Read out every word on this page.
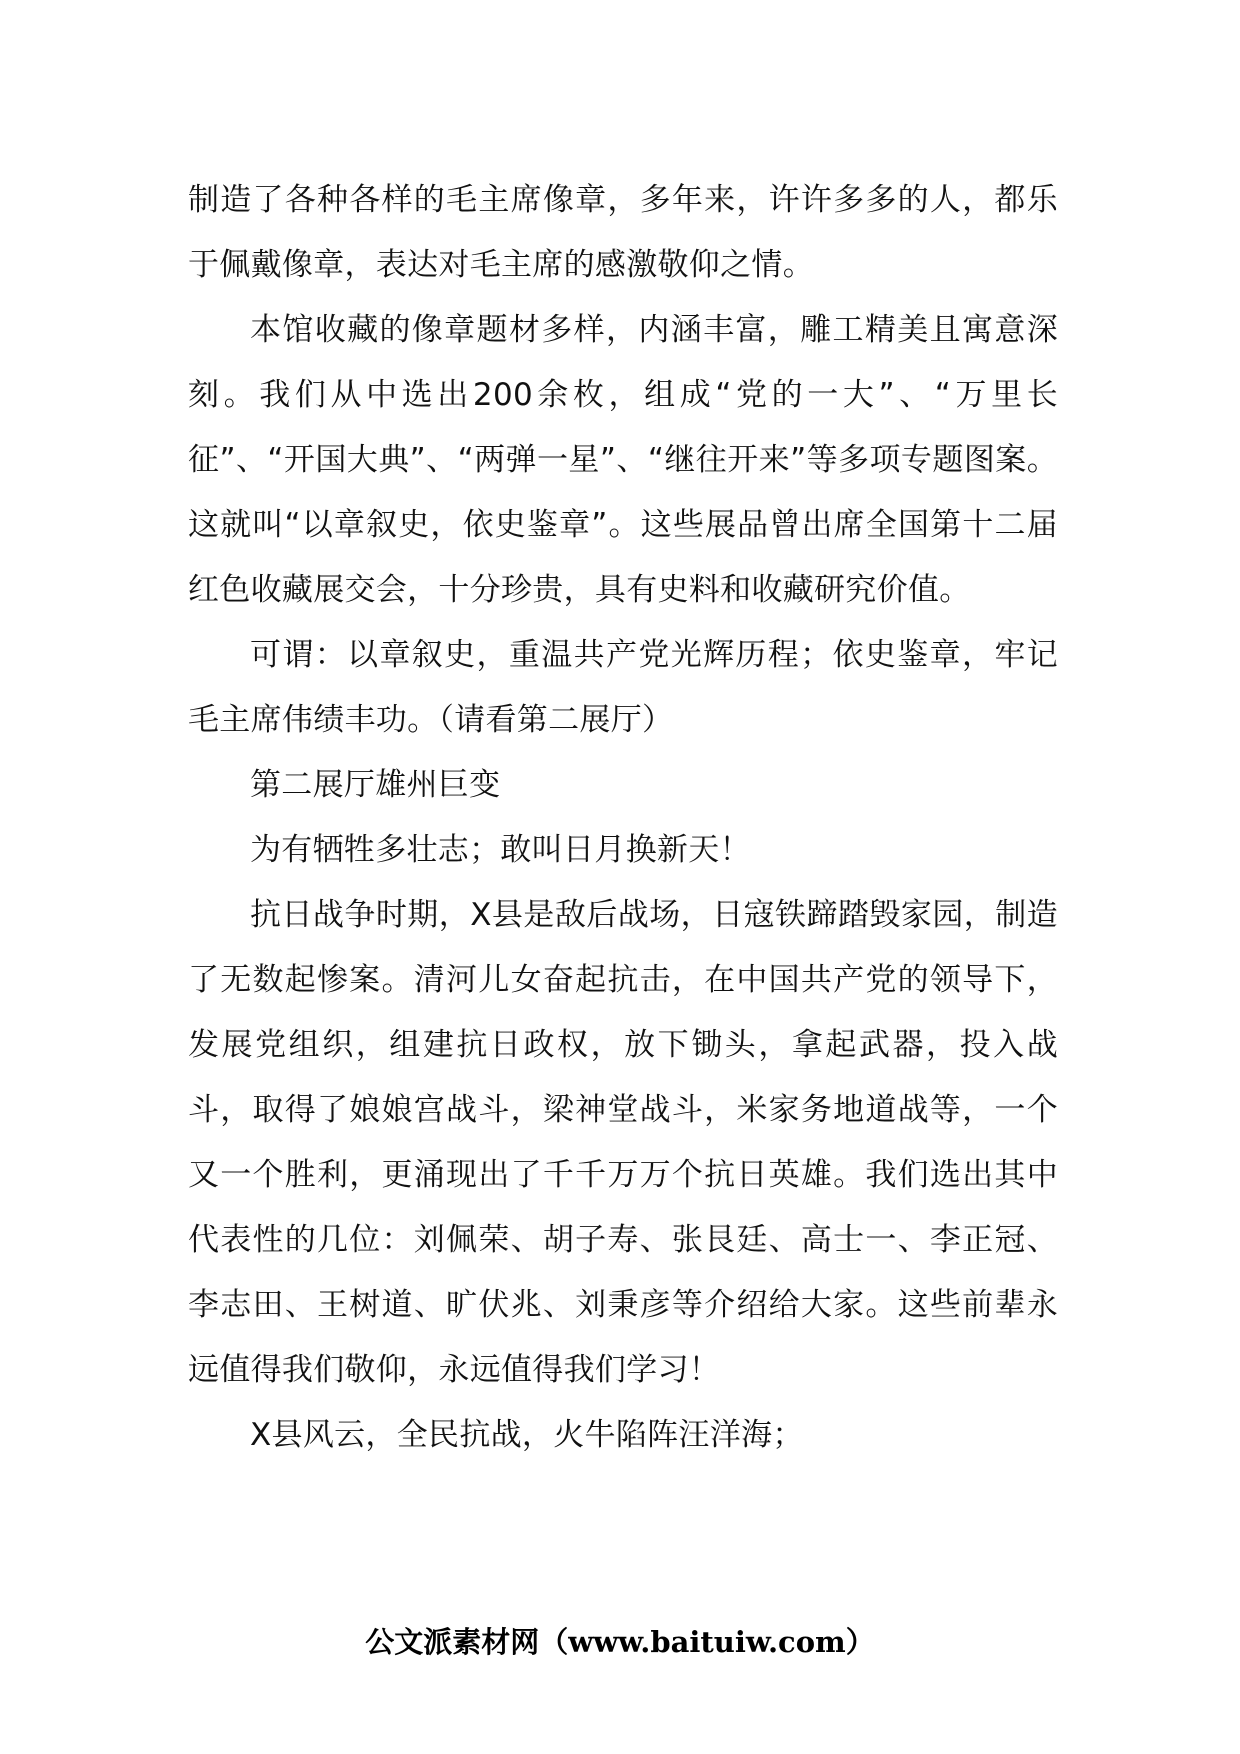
制造了各种各样的毛主席像章，多年来，许许多多的人，都乐于佩戴像章，表达对毛主席的感激敬仰之情。

本馆收藏的像章题材多样，内涵丰富，雕工精美且寓意深刻。我们从中选出200余枚，组成“党的一大”、“万里长征”、“开国大典”、“两弹一星”、“继往开来”等多项专题图案。这就叫“以章叙史，依史鉴章”。这些展品曾出席全国第十二届红色收藏展交会，十分珍贵，具有史料和收藏研究价值。

可谓：以章叙史，重温共产党光辉历程；依史鉴章，牢记毛主席伟绩丰功。（请看第二展厅）

第二展厅雄州巨变

为有牺牲多壮志；敢叫日月换新天！

抗日战争时期，X县是敌后战场，日寇铁蹄踏毁家园，制造了无数起惨案。清河儿女奋起抗击，在中国共产党的领导下，发展党组织，组建抗日政权，放下锄头，拿起武器，投入战斗，取得了娘娘宫战斗，梁神堂战斗，米家务地道战等，一个又一个胜利，更涌现出了千千万万个抗日英雄。我们选出其中代表性的几位：刘佩荣、胡子寿、张艮廷、高士一、李正冠、李志田、王树道、旷伏兆、刘秉彦等介绍给大家。这些前辈永远值得我们敬仰，永远值得我们学习！

X县风云，全民抗战，火牛陷阵汪洋海；

公文派素材网（www.baituiw.com）
